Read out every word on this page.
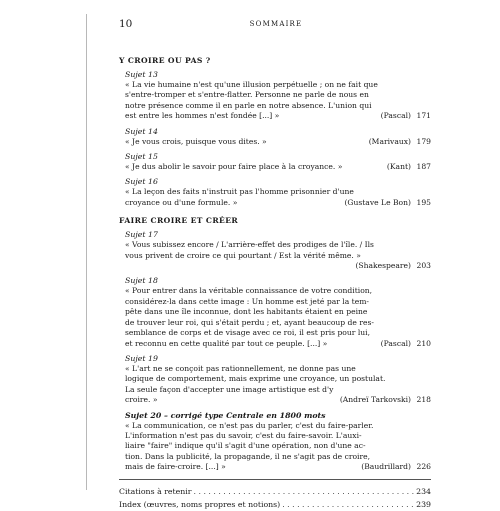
10	SOMMAIRE
Y CROIRE OU PAS ?
Sujet 13
« La vie humaine n'est qu'une illusion perpétuelle ; on ne fait que
s'entre-tromper et s'entre-flatter. Personne ne parle de nous en
notre présence comme il en parle en notre absence. L'union qui
est entre les hommes n'est fondée [...] »	(Pascal) 171
Sujet 14
« Je vous crois, puisque vous dites. »	(Marivaux) 179
Sujet 15
« Je dus abolir le savoir pour faire place à la croyance. »	(Kant) 187
Sujet 16
« La leçon des faits n'instruit pas l'homme prisonnier d'une
croyance ou d'une formule. »	(Gustave Le Bon) 195
FAIRE CROIRE ET CRÉER
Sujet 17
« Vous subissez encore / L'arrière-effet des prodiges de l'île. / Ils
vous privent de croire ce qui pourtant / Est la vérité même. »
(Shakespeare) 203
Sujet 18
« Pour entrer dans la véritable connaissance de votre condition,
considérez-la dans cette image : Un homme est jeté par la tem-
pête dans une île inconnue, dont les habitants étaient en peine
de trouver leur roi, qui s'était perdu ; et, ayant beaucoup de res-
semblance de corps et de visage avec ce roi, il est pris pour lui,
et reconnu en cette qualité par tout ce peuple. [...] »	(Pascal) 210
Sujet 19
« L'art ne se conçoit pas rationnellement, ne donne pas une
logique de comportement, mais exprime une croyance, un postulat.
La seule façon d'accepter une image artistique est d'y
croire. »	(Andreï Tarkovski) 218
Sujet 20 – corrigé type Centrale en 1800 mots
« La communication, ce n'est pas du parler, c'est du faire-parler.
L'information n'est pas du savoir, c'est du faire-savoir. L'auxi-
liaire "faire" indique qu'il s'agit d'une opération, non d'une ac-
tion. Dans la publicité, la propagande, il ne s'agit pas de croire,
mais de faire-croire. [...] »	(Baudrillard) 226
Citations à retenir . . .	234
Index (œuvres, noms propres et notions) . . .	239
